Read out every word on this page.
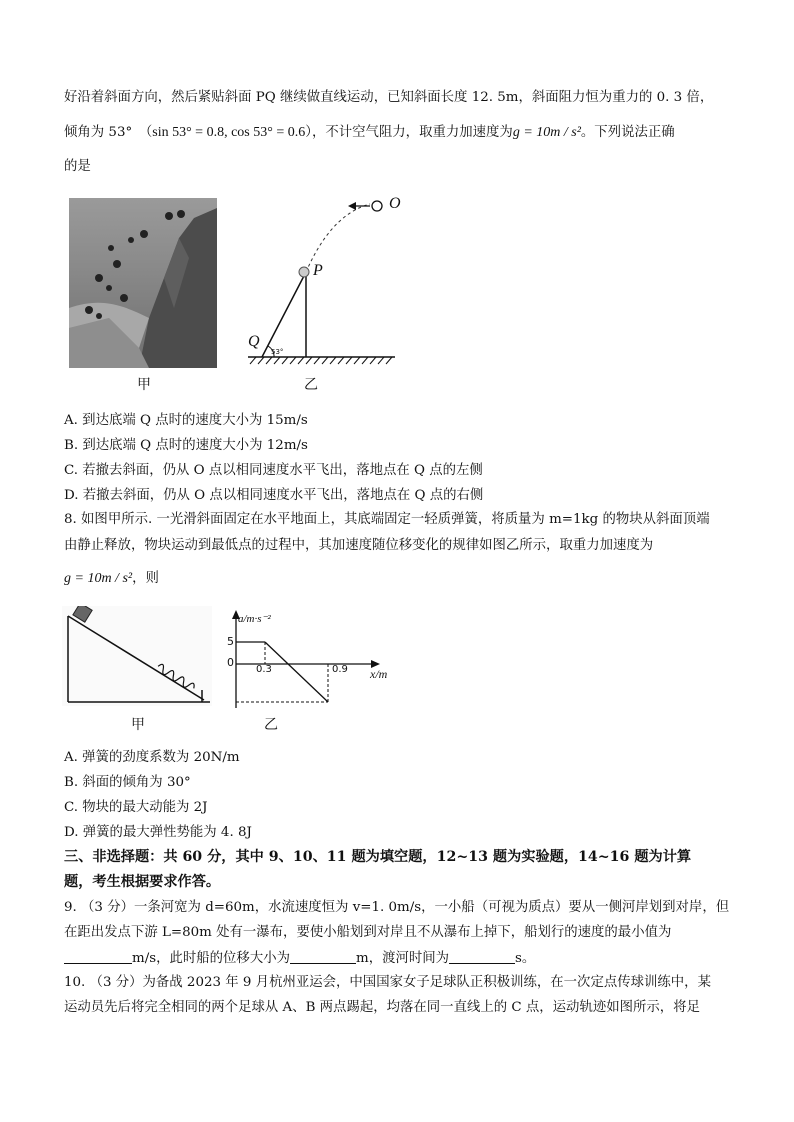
好沿着斜面方向，然后紧贴斜面 PQ 继续做直线运动，已知斜面长度 12. 5m，斜面阻力恒为重力的 0. 3 倍，
倾角为 53°　（sin 53° = 0.8, cos 53° = 0.6），不计空气阻力，取重力加速度为g = 10m / s²。下列说法正确
的是
甲
O
P
Q
53°
乙
A. 到达底端 Q 点时的速度大小为 15m/s
B. 到达底端 Q 点时的速度大小为 12m/s
C. 若撤去斜面，仍从 O 点以相同速度水平飞出，落地点在 Q 点的左侧
D. 若撤去斜面，仍从 O 点以相同速度水平飞出，落地点在 Q 点的右侧
8. 如图甲所示. 一光滑斜面固定在水平地面上，其底端固定一轻质弹簧，将质量为 m=1kg 的物块从斜面顶端
由静止释放，物块运动到最低点的过程中，其加速度随位移变化的规律如图乙所示，取重力加速度为
g = 10m / s²，则
甲
a/m·s⁻²
5
0
0.3	0.9 x/m
乙
A. 弹簧的劲度系数为 20N/m
B. 斜面的倾角为 30°
C. 物块的最大动能为 2J
D. 弹簧的最大弹性势能为 4. 8J
三、非选择题：共 60 分，其中 9、10、11 题为填空题，12~13 题为实验题，14~16 题为计算
题，考生根据要求作答。
9. （3 分）一条河宽为 d=60m，水流速度恒为 v=1. 0m/s，一小船（可视为质点）要从一侧河岸划到对岸，但
在距出发点下游 L=80m 处有一瀑布，要使小船划到对岸且不从瀑布上掉下，船划行的速度的最小值为
m/s，此时船的位移大小为	m，渡河时间为	s。
10. （3 分）为备战 2023 年 9 月杭州亚运会，中国国家女子足球队正积极训练，在一次定点传球训练中，某
运动员先后将完全相同的两个足球从 A、B 两点踢起，均落在同一直线上的 C 点，运动轨迹如图所示，将足
